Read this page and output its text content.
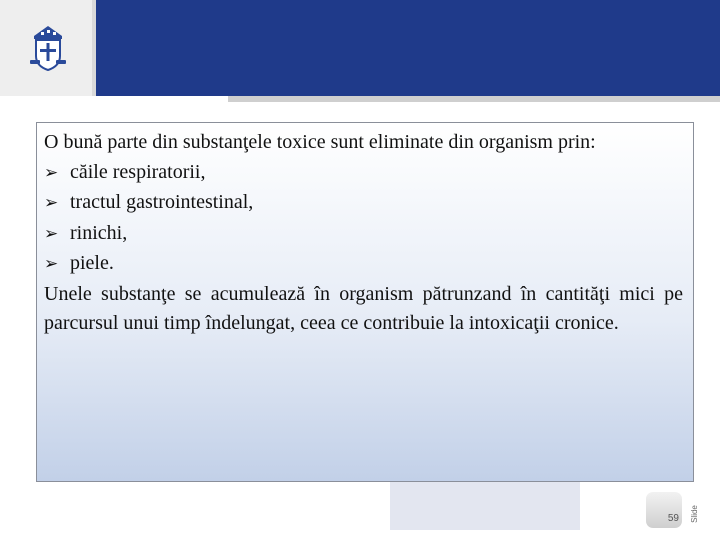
O bună parte din substanţele toxice sunt eliminate din organism prin:

➢ căile respiratorii,
➢ tractul gastrointestinal,
➢ rinichi,
➢ piele.

Unele substanţe se acumulează în organism pătrunzand în cantităţi mici pe parcursul unui timp îndelungat, ceea ce contribuie la intoxicaţii cronice.

59 Slide
